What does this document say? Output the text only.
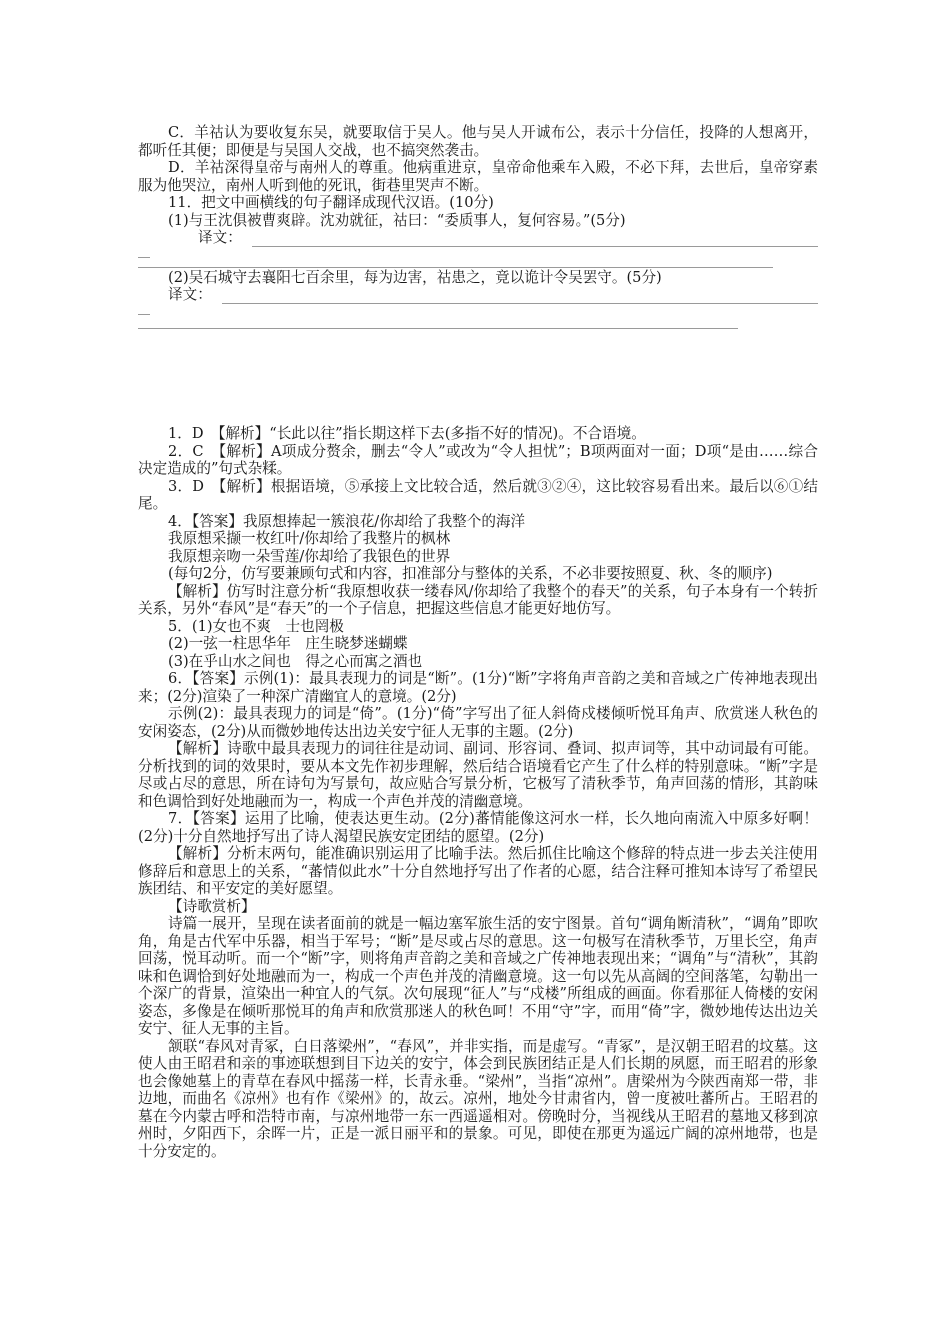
C．羊祜认为要收复东吴，就要取信于吴人。他与吴人开诚布公，表示十分信任，投降的人想离开，都听任其便；即便是与吴国人交战，也不搞突然袭击。

D．羊祜深得皇帝与南州人的尊重。他病重进京，皇帝命他乘车入殿，不必下拜，去世后，皇帝穿素服为他哭泣，南州人听到他的死讯，街巷里哭声不断。

11．把文中画横线的句子翻译成现代汉语。(10分)

(1)与王沈俱被曹爽辟。沈劝就征，祜曰：“委质事人，复何容易。”(5分)

译文：

(2)吴石城守去襄阳七百余里，每为边害，祜患之，竟以诡计令吴罢守。(5分)

译文：

1．D　【解析】“长此以往”指长期这样下去(多指不好的情况)。不合语境。

2．C　【解析】A项成分赘余，删去“令人”或改为“令人担忧”；B项两面对一面；D项“是由……综合决定造成的”句式杂糅。

3．D　【解析】根据语境，⑤承接上文比较合适，然后就③②④，这比较容易看出来。最后以⑥①结尾。

4．【答案】我原想捧起一簇浪花/你却给了我整个的海洋

我原想采撷一枚红叶/你却给了我整片的枫林

我原想亲吻一朵雪莲/你却给了我银色的世界

(每句2分，仿写要兼顾句式和内容，扣准部分与整体的关系，不必非要按照夏、秋、冬的顺序)

【解析】仿写时注意分析“我原想收获一缕春风/你却给了我整个的春天”的关系，句子本身有一个转折关系，另外“春风”是“春天”的一个子信息，把握这些信息才能更好地仿写。

5．(1)女也不爽　士也罔极

(2)一弦一柱思华年　庄生晓梦迷蝴蝶

(3)在乎山水之间也　得之心而寓之酒也

6．【答案】示例(1)：最具表现力的词是“断”。(1分)“断”字将角声音韵之美和音域之广传神地表现出来；(2分)渲染了一种深广清幽宜人的意境。(2分)

示例(2)：最具表现力的词是“倚”。(1分)“倚”字写出了征人斜倚戍楼倾听悦耳角声、欣赏迷人秋色的安闲姿态，(2分)从而微妙地传达出边关安宁征人无事的主题。(2分)

【解析】诗歌中最具表现力的词往往是动词、副词、形容词、叠词、拟声词等，其中动词最有可能。分析找到的词的效果时，要从本文先作初步理解，然后结合语境看它产生了什么样的特别意味。“断”字是尽或占尽的意思，所在诗句为写景句，故应贴合写景分析，它极写了清秋季节，角声回荡的情形，其韵味和色调恰到好处地融而为一，构成一个声色并茂的清幽意境。

7．【答案】运用了比喻，使表达更生动。(2分)蕃情能像这河水一样，长久地向南流入中原多好啊！(2分)十分自然地抒写出了诗人渴望民族安定团结的愿望。(2分)

【解析】分析末两句，能准确识别运用了比喻手法。然后抓住比喻这个修辞的特点进一步去关注使用修辞后和意思上的关系，“蕃情似此水”十分自然地抒写出了作者的心愿，结合注释可推知本诗写了希望民族团结、和平安定的美好愿望。

【诗歌赏析】

诗篇一展开，呈现在读者面前的就是一幅边塞军旅生活的安宁图景。首句“调角断清秋”，“调角”即吹角，角是古代军中乐器，相当于军号；“断”是尽或占尽的意思。这一句极写在清秋季节，万里长空，角声回荡，悦耳动听。而一个“断”字，则将角声音韵之美和音域之广传神地表现出来；“调角”与“清秋”，其韵味和色调恰到好处地融而为一，构成一个声色并茂的清幽意境。这一句以先从高阔的空间落笔，勾勒出一个深广的背景，渲染出一种宜人的气氛。次句展现“征人”与“戍楼”所组成的画面。你看那征人倚楼的安闲姿态，多像是在倾听那悦耳的角声和欣赏那迷人的秋色呵！不用“守”字，而用“倚”字，微妙地传达出边关安宁、征人无事的主旨。

颔联“春风对青冢，白日落梁州”，“春风”，并非实指，而是虚写。“青冢”，是汉朝王昭君的坟墓。这使人由王昭君和亲的事迹联想到目下边关的安宁，体会到民族团结正是人们长期的夙愿，而王昭君的形象也会像她墓上的青草在春风中摇荡一样，长青永垂。“梁州”，当指“凉州”。唐梁州为今陕西南郑一带，非边地，而曲名《凉州》也有作《梁州》的，故云。凉州，地处今甘肃省内，曾一度被吐蕃所占。王昭君的墓在今内蒙古呼和浩特市南，与凉州地带一东一西遥遥相对。傍晚时分，当视线从王昭君的墓地又移到凉州时，夕阳西下，余晖一片，正是一派日丽平和的景象。可见，即使在那更为遥远广阔的凉州地带，也是十分安定的。
